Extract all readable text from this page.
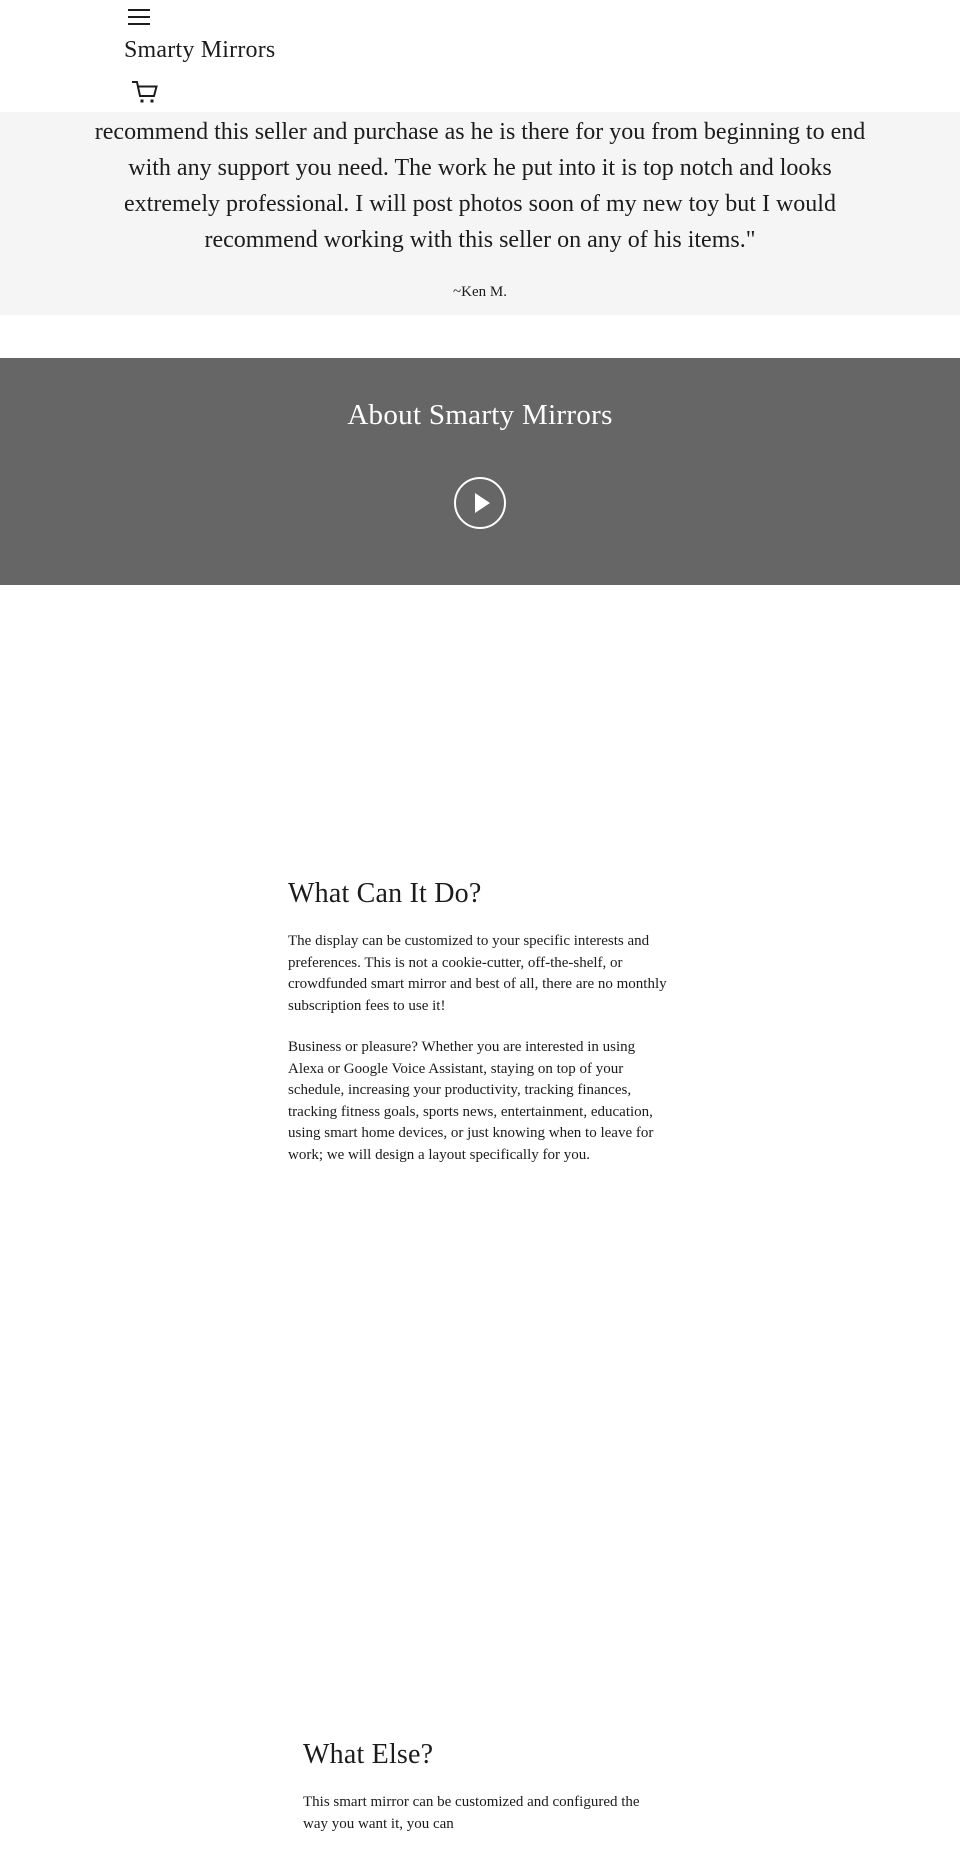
Smarty Mirrors
recommend this seller and purchase as he is there for you from beginning to end with any support you need. The work he put into it is top notch and looks extremely professional. I will post photos soon of my new toy but I would recommend working with this seller on any of his items."
~Ken M.
About Smarty Mirrors
What Can It Do?

The display can be customized to your specific interests and preferences. This is not a cookie-cutter, off-the-shelf, or crowdfunded smart mirror and best of all, there are no monthly subscription fees to use it!

Business or pleasure? Whether you are interested in using Alexa or Google Voice Assistant, staying on top of your schedule, increasing your productivity, tracking finances, tracking fitness goals, sports news, entertainment, education, using smart home devices, or just knowing when to leave for work; we will design a layout specifically for you.

What Else?

This smart mirror can be customized and configured the way you want it, you can
